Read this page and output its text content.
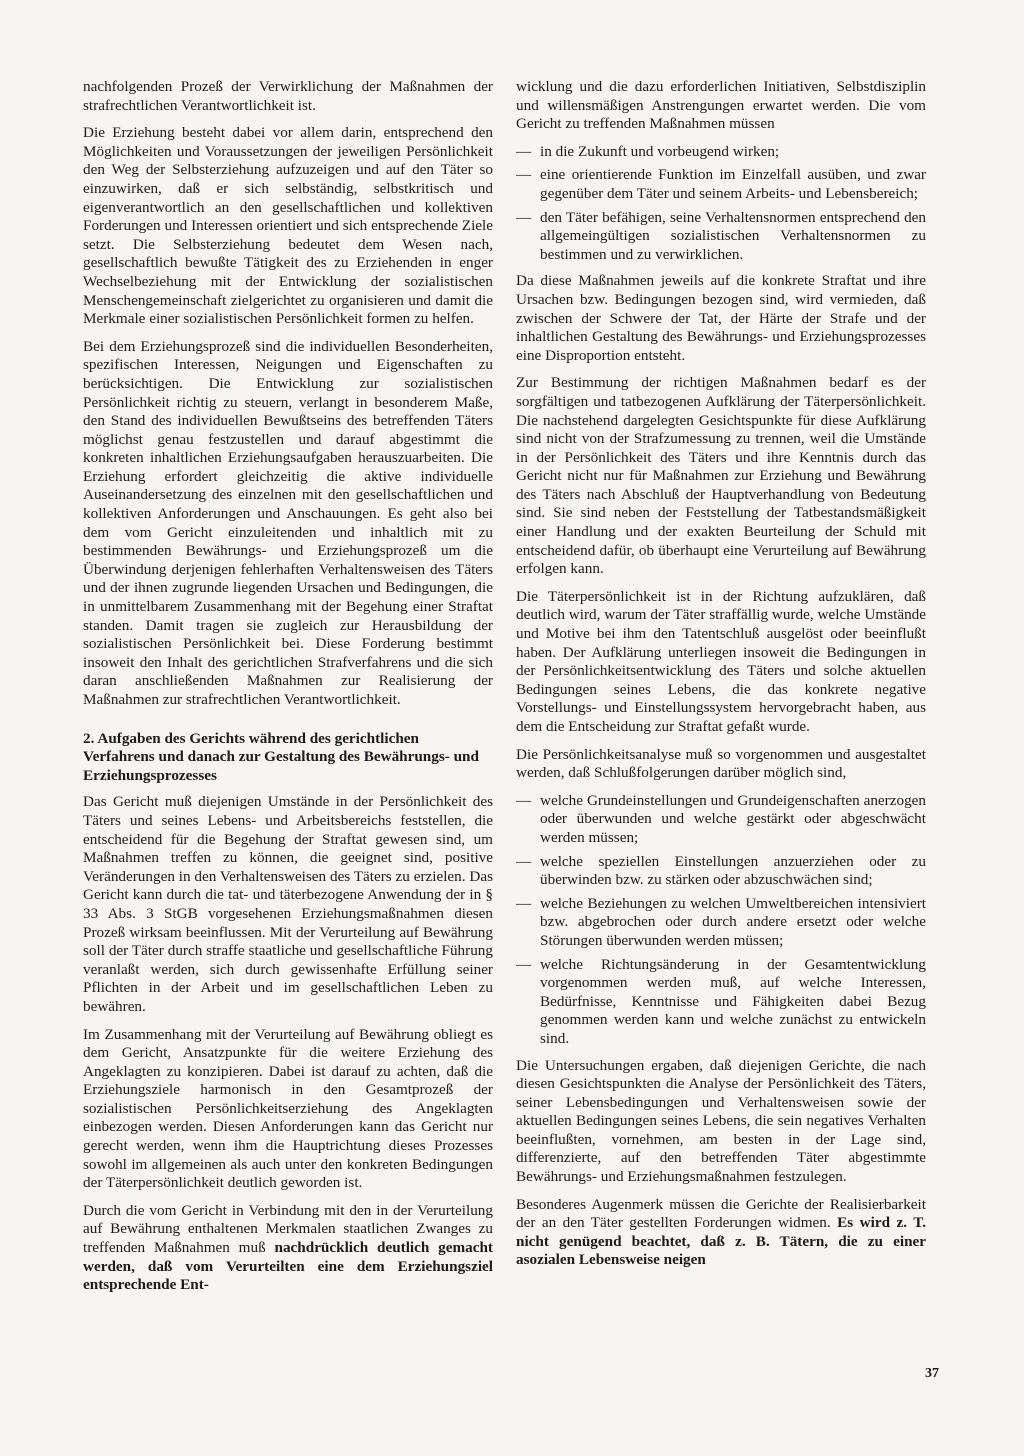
nachfolgenden Prozeß der Verwirklichung der Maßnahmen der strafrechtlichen Verantwortlichkeit ist.

Die Erziehung besteht dabei vor allem darin, entsprechend den Möglichkeiten und Voraussetzungen der jeweiligen Persönlichkeit den Weg der Selbsterziehung aufzuzeigen und auf den Täter so einzuwirken, daß er sich selbständig, selbstkritisch und eigenverantwortlich an den gesellschaftlichen und kollektiven Forderungen und Interessen orientiert und sich entsprechende Ziele setzt. Die Selbsterziehung bedeutet dem Wesen nach, gesellschaftlich bewußte Tätigkeit des zu Erziehenden in enger Wechselbeziehung mit der Entwicklung der sozialistischen Menschengemeinschaft zielgerichtet zu organisieren und damit die Merkmale einer sozialistischen Persönlichkeit formen zu helfen.

Bei dem Erziehungsprozeß sind die individuellen Besonderheiten, spezifischen Interessen, Neigungen und Eigenschaften zu berücksichtigen. Die Entwicklung zur sozialistischen Persönlichkeit richtig zu steuern, verlangt in besonderem Maße, den Stand des individuellen Bewußtseins des betreffenden Täters möglichst genau festzustellen und darauf abgestimmt die konkreten inhaltlichen Erziehungsaufgaben herauszuarbeiten. Die Erziehung erfordert gleichzeitig die aktive individuelle Auseinandersetzung des einzelnen mit den gesellschaftlichen und kollektiven Anforderungen und Anschauungen. Es geht also bei dem vom Gericht einzuleitenden und inhaltlich mit zu bestimmenden Bewährungs- und Erziehungsprozeß um die Überwindung derjenigen fehlerhaften Verhaltensweisen des Täters und der ihnen zugrunde liegenden Ursachen und Bedingungen, die in unmittelbarem Zusammenhang mit der Begehung einer Straftat standen. Damit tragen sie zugleich zur Herausbildung der sozialistischen Persönlichkeit bei. Diese Forderung bestimmt insoweit den Inhalt des gerichtlichen Strafverfahrens und die sich daran anschließenden Maßnahmen zur Realisierung der Maßnahmen zur strafrechtlichen Verantwortlichkeit.

2. Aufgaben des Gerichts während des gerichtlichen Verfahrens und danach zur Gestaltung des Bewährungs- und Erziehungsprozesses

Das Gericht muß diejenigen Umstände in der Persönlichkeit des Täters und seines Lebens- und Arbeitsbereichs feststellen, die entscheidend für die Begehung der Straftat gewesen sind, um Maßnahmen treffen zu können, die geeignet sind, positive Veränderungen in den Verhaltensweisen des Täters zu erzielen. Das Gericht kann durch die tat- und täterbezogene Anwendung der in § 33 Abs. 3 StGB vorgesehenen Erziehungsmaßnahmen diesen Prozeß wirksam beeinflussen. Mit der Verurteilung auf Bewährung soll der Täter durch straffe staatliche und gesellschaftliche Führung veranlaßt werden, sich durch gewissenhafte Erfüllung seiner Pflichten in der Arbeit und im gesellschaftlichen Leben zu bewähren.

Im Zusammenhang mit der Verurteilung auf Bewährung obliegt es dem Gericht, Ansatzpunkte für die weitere Erziehung des Angeklagten zu konzipieren. Dabei ist darauf zu achten, daß die Erziehungsziele harmonisch in den Gesamtprozeß der sozialistischen Persönlichkeitserziehung des Angeklagten einbezogen werden. Diesen Anforderungen kann das Gericht nur gerecht werden, wenn ihm die Hauptrichtung dieses Prozesses sowohl im allgemeinen als auch unter den konkreten Bedingungen der Täterpersönlichkeit deutlich geworden ist.

Durch die vom Gericht in Verbindung mit den in der Verurteilung auf Bewährung enthaltenen Merkmalen staatlichen Zwanges zu treffenden Maßnahmen muß nachdrücklich deutlich gemacht werden, daß vom Verurteilten eine dem Erziehungsziel entsprechende Ent-

wicklung und die dazu erforderlichen Initiativen, Selbstdisziplin und willensmäßigen Anstrengungen erwartet werden. Die vom Gericht zu treffenden Maßnahmen müssen

— in die Zukunft und vorbeugend wirken;
— eine orientierende Funktion im Einzelfall ausüben, und zwar gegenüber dem Täter und seinem Arbeits- und Lebensbereich;
— den Täter befähigen, seine Verhaltensnormen entsprechend den allgemeingültigen sozialistischen Verhaltensnormen zu bestimmen und zu verwirklichen.

Da diese Maßnahmen jeweils auf die konkrete Straftat und ihre Ursachen bzw. Bedingungen bezogen sind, wird vermieden, daß zwischen der Schwere der Tat, der Härte der Strafe und der inhaltlichen Gestaltung des Bewährungs- und Erziehungsprozesses eine Disproportion entsteht.

Zur Bestimmung der richtigen Maßnahmen bedarf es der sorgfältigen und tatbezogenen Aufklärung der Täterpersönlichkeit. Die nachstehend dargelegten Gesichtspunkte für diese Aufklärung sind nicht von der Strafzumessung zu trennen, weil die Umstände in der Persönlichkeit des Täters und ihre Kenntnis durch das Gericht nicht nur für Maßnahmen zur Erziehung und Bewährung des Täters nach Abschluß der Hauptverhandlung von Bedeutung sind. Sie sind neben der Feststellung der Tatbestandsmäßigkeit einer Handlung und der exakten Beurteilung der Schuld mit entscheidend dafür, ob überhaupt eine Verurteilung auf Bewährung erfolgen kann.

Die Täterpersönlichkeit ist in der Richtung aufzuklären, daß deutlich wird, warum der Täter straffällig wurde, welche Umstände und Motive bei ihm den Tatentschluß ausgelöst oder beeinflußt haben. Der Aufklärung unterliegen insoweit die Bedingungen in der Persönlichkeitsentwicklung des Täters und solche aktuellen Bedingungen seines Lebens, die das konkrete negative Vorstellungs- und Einstellungssystem hervorgebracht haben, aus dem die Entscheidung zur Straftat gefaßt wurde.

Die Persönlichkeitsanalyse muß so vorgenommen und ausgestaltet werden, daß Schlußfolgerungen darüber möglich sind,

— welche Grundeinstellungen und Grundeigenschaften anerzogen oder überwunden und welche gestärkt oder abgeschwächt werden müssen;
— welche speziellen Einstellungen anzuerziehen oder zu überwinden bzw. zu stärken oder abzuschwächen sind;
— welche Beziehungen zu welchen Umweltbereichen intensiviert bzw. abgebrochen oder durch andere ersetzt oder welche Störungen überwunden werden müssen;
— welche Richtungsänderung in der Gesamtentwicklung vorgenommen werden muß, auf welche Interessen, Bedürfnisse, Kenntnisse und Fähigkeiten dabei Bezug genommen werden kann und welche zunächst zu entwickeln sind.

Die Untersuchungen ergaben, daß diejenigen Gerichte, die nach diesen Gesichtspunkten die Analyse der Persönlichkeit des Täters, seiner Lebensbedingungen und Verhaltensweisen sowie der aktuellen Bedingungen seines Lebens, die sein negatives Verhalten beeinflußten, vornehmen, am besten in der Lage sind, differenzierte, auf den betreffenden Täter abgestimmte Bewährungs- und Erziehungsmaßnahmen festzulegen.

Besonderes Augenmerk müssen die Gerichte der Realisierbarkeit der an den Täter gestellten Forderungen widmen. Es wird z. T. nicht genügend beachtet, daß z. B. Tätern, die zu einer asozialen Lebensweise neigen

37
